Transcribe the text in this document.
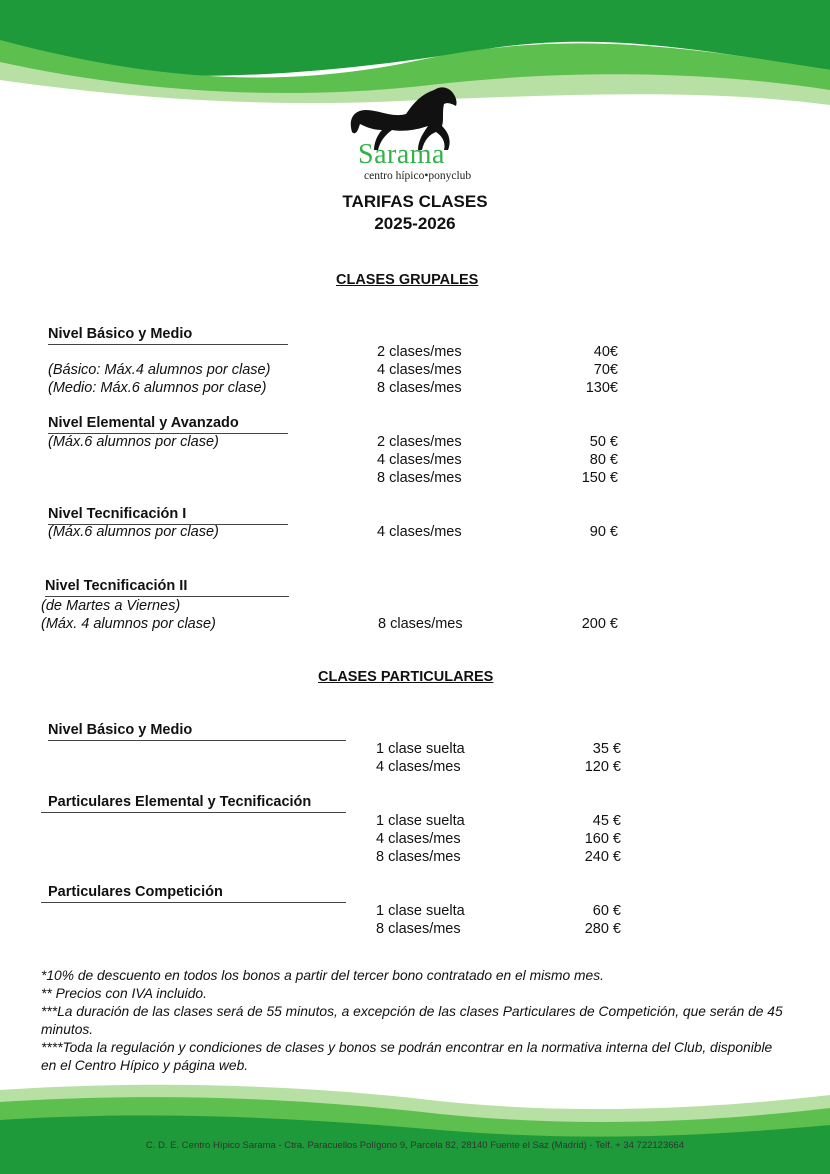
Sarama
centro hípico•ponyclub
TARIFAS CLASES
2025-2026
CLASES GRUPALES
Nivel Básico y Medio
2 clases/mes	40€
(Básico: Máx.4 alumnos por clase)	4 clases/mes	70€
(Medio: Máx.6 alumnos por clase)	8 clases/mes	130€
Nivel Elemental y Avanzado
(Máx.6 alumnos por clase)	2 clases/mes	50 €
4 clases/mes	80 €
8 clases/mes	150 €
Nivel Tecnificación I
(Máx.6 alumnos por clase)	4 clases/mes	90 €
Nivel Tecnificación II
(de Martes a Viernes)
(Máx. 4 alumnos por clase)	8 clases/mes	200 €
CLASES PARTICULARES
Nivel Básico y Medio
1 clase suelta	35 €
4 clases/mes	120 €
Particulares Elemental y Tecnificación
1 clase suelta	45 €
4 clases/mes	160 €
8 clases/mes	240 €
Particulares Competición
1 clase suelta	60 €
8 clases/mes	280 €
*10% de descuento en todos los bonos a partir del tercer bono contratado en el mismo mes.
** Precios con IVA incluido.
***La duración de las clases será de 55 minutos, a excepción de las clases Particulares de Competición, que serán de 45 minutos.
****Toda la regulación y condiciones de clases y bonos se podrán encontrar en la normativa interna del Club, disponible en el Centro Hípico y página web.
C. D. E. Centro Hípico Sarama - Ctra. Paracuellos Polígono 9, Parcela 82, 28140 Fuente el Saz (Madrid) - Telf. + 34 722123664
